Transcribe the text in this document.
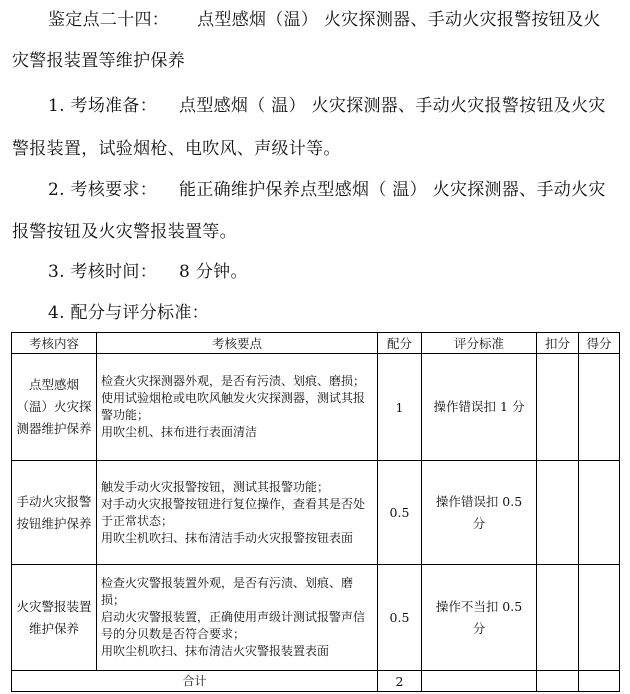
鉴定点二十四： 点型感烟（温） 火灾探测器、手动火灾报警按钮及火
灾警报装置等维护保养
1. 考场准备： 点型感烟（ 温） 火灾探测器、手动火灾报警按钮及火灾
警报装置，试验烟枪、电吹风、声级计等。
2. 考核要求： 能正确维护保养点型感烟（ 温） 火灾探测器、手动火灾
报警按钮及火灾警报装置等。
3. 考核时间： 8 分钟。
4. 配分与评分标准：
考核内容	考核要点	配分	评分标准	扣分	得分
点型感烟（温）火灾探测器维护保养	检查火灾探测器外观，是否有污渍、划痕、磨损；
使用试验烟枪或电吹风触发火灾探测器，测试其报警功能；
用吹尘机、抹布进行表面清洁	1	操作错误扣 1 分		
手动火灾报警按钮维护保养	触发手动火灾报警按钮，测试其报警功能；
对手动火灾报警按钮进行复位操作，查看其是否处于正常状态；
用吹尘机吹扫、抹布清洁手动火灾报警按钮表面	0.5	操作错误扣 0.5 分		
火灾警报装置维护保养	检查火灾警报装置外观，是否有污渍、划痕、磨损；
启动火灾警报装置，正确使用声级计测试报警声信号的分贝数是否符合要求；
用吹尘机吹扫、抹布清洁火灾警报装置表面	0.5	操作不当扣 0.5 分		
合计		2			
